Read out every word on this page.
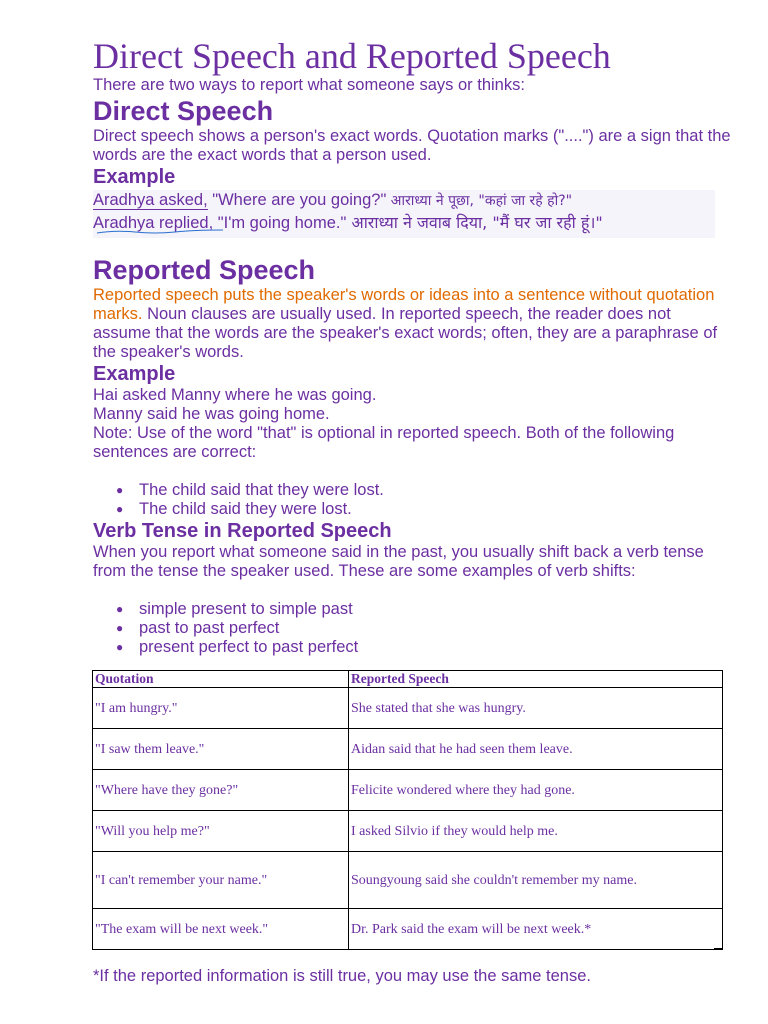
Direct Speech and Reported Speech

There are two ways to report what someone says or thinks:

Direct Speech

Direct speech shows a person's exact words. Quotation marks ("....") are a sign that the words are the exact words that a person used.

Example
Aradhya asked, "Where are you going?" आराध्या ने पूछा, "कहां जा रहे हो?"
Aradhya replied, "I'm going home." आराध्या ने जवाब दिया, "मैं घर जा रही हूं।"
Reported Speech

Reported speech puts the speaker's words or ideas into a sentence without quotation marks. Noun clauses are usually used. In reported speech, the reader does not assume that the words are the speaker's exact words; often, they are a paraphrase of the speaker's words.

Example

Hai asked Manny where he was going.

Manny said he was going home.

Note: Use of the word "that" is optional in reported speech. Both of the following sentences are correct:

● The child said that they were lost.
● The child said they were lost.
Verb Tense in Reported Speech

When you report what someone said in the past, you usually shift back a verb tense from the tense the speaker used. These are some examples of verb shifts:

● simple present to simple past
● past to past perfect
● present perfect to past perfect
Quotation	Reported Speech
"I am hungry."	She stated that she was hungry.
"I saw them leave."	Aidan said that he had seen them leave.
"Where have they gone?"	Felicite wondered where they had gone.
"Will you help me?"	I asked Silvio if they would help me.
"I can't remember your name."	Soungyoung said she couldn't remember my name.
"The exam will be next week."	Dr. Park said the exam will be next week.*

*If the reported information is still true, you may use the same tense.
